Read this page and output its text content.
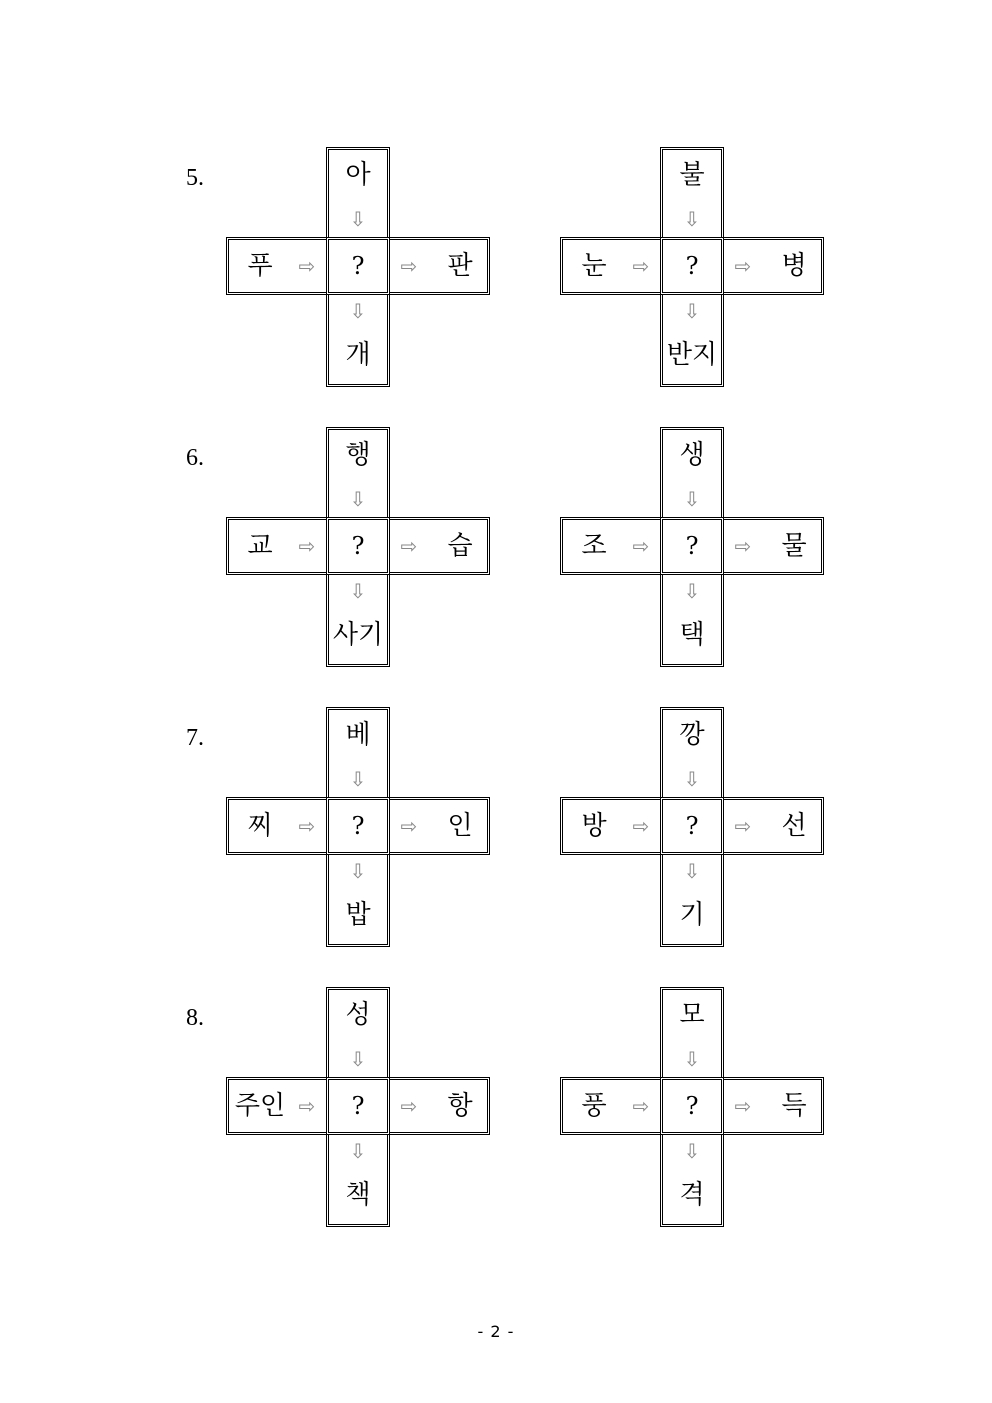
5.	아
⇩
푸	⇨	?	⇨	판
⇩
개
불
⇩
눈	⇨	?	⇨	병
⇩
반지
6.	행
⇩
교	⇨	?	⇨	습
⇩
사기
생
⇩
조	⇨	?	⇨	물
⇩
택
7.	베
⇩
찌	⇨	?	⇨	인
⇩
밥
깡
⇩
방	⇨	?	⇨	선
⇩
기
8.	성
⇩
주인 ⇨	?	⇨	항
⇩
책
모
⇩
풍	⇨	?	⇨	득
⇩
격
- 2 -
